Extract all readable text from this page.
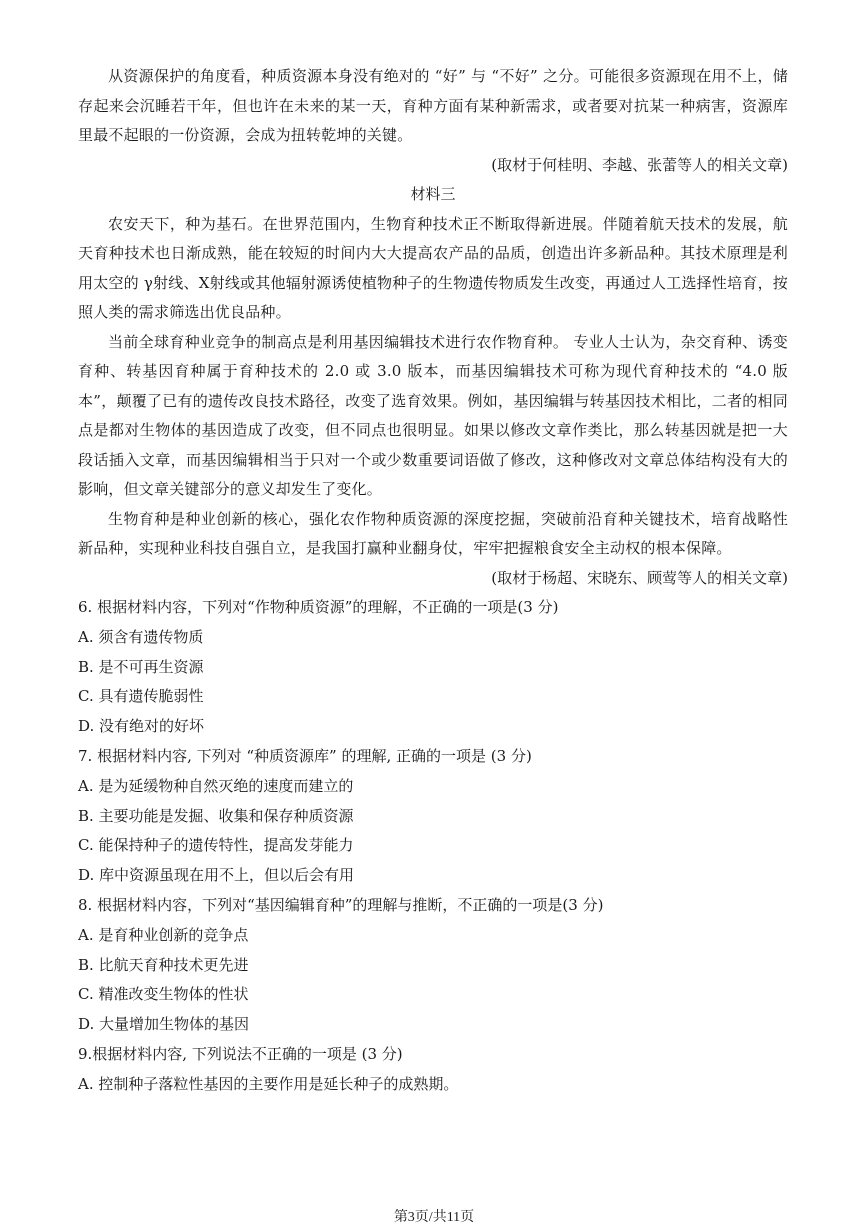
从资源保护的角度看，种质资源本身没有绝对的 “好” 与 “不好” 之分。可能很多资源现在用不上，储存起来会沉睡若干年，但也许在未来的某一天，育种方面有某种新需求，或者要对抗某一种病害，资源库里最不起眼的一份资源，会成为扭转乾坤的关键。

(取材于何桂明、李越、张蕾等人的相关文章)

材料三

农安天下，种为基石。在世界范围内，生物育种技术正不断取得新进展。伴随着航天技术的发展，航天育种技术也日渐成熟，能在较短的时间内大大提高农产品的品质，创造出许多新品种。其技术原理是利用太空的 γ射线、X射线或其他辐射源诱使植物种子的生物遗传物质发生改变，再通过人工选择性培育，按照人类的需求筛选出优良品种。

当前全球育种业竞争的制高点是利用基因编辑技术进行农作物育种。 专业人士认为，杂交育种、诱变育种、转基因育种属于育种技术的 2.0 或 3.0 版本，而基因编辑技术可称为现代育种技术的 “4.0 版本”，颠覆了已有的遗传改良技术路径，改变了选育效果。例如，基因编辑与转基因技术相比，二者的相同点是都对生物体的基因造成了改变，但不同点也很明显。如果以修改文章作类比，那么转基因就是把一大段话插入文章，而基因编辑相当于只对一个或少数重要词语做了修改，这种修改对文章总体结构没有大的影响，但文章关键部分的意义却发生了变化。

生物育种是种业创新的核心，强化农作物种质资源的深度挖掘，突破前沿育种关键技术，培育战略性新品种，实现种业科技自强自立，是我国打赢种业翻身仗，牢牢把握粮食安全主动权的根本保障。

(取材于杨超、宋晓东、顾莺等人的相关文章)

6. 根据材料内容，下列对“作物种质资源”的理解，不正确的一项是(3 分)

A. 须含有遗传物质

B. 是不可再生资源

C. 具有遗传脆弱性

D. 没有绝对的好坏

7. 根据材料内容, 下列对 “种质资源库” 的理解, 正确的一项是 (3 分)

A. 是为延缓物种自然灭绝的速度而建立的

B. 主要功能是发掘、收集和保存种质资源

C. 能保持种子的遗传特性，提高发芽能力

D. 库中资源虽现在用不上，但以后会有用

8. 根据材料内容，下列对“基因编辑育种”的理解与推断，不正确的一项是(3 分)

A. 是育种业创新的竞争点

B. 比航天育种技术更先进

C. 精准改变生物体的性状

D. 大量增加生物体的基因

9.根据材料内容, 下列说法不正确的一项是 (3 分)

A. 控制种子落粒性基因的主要作用是延长种子的成熟期。

第3页/共11页
